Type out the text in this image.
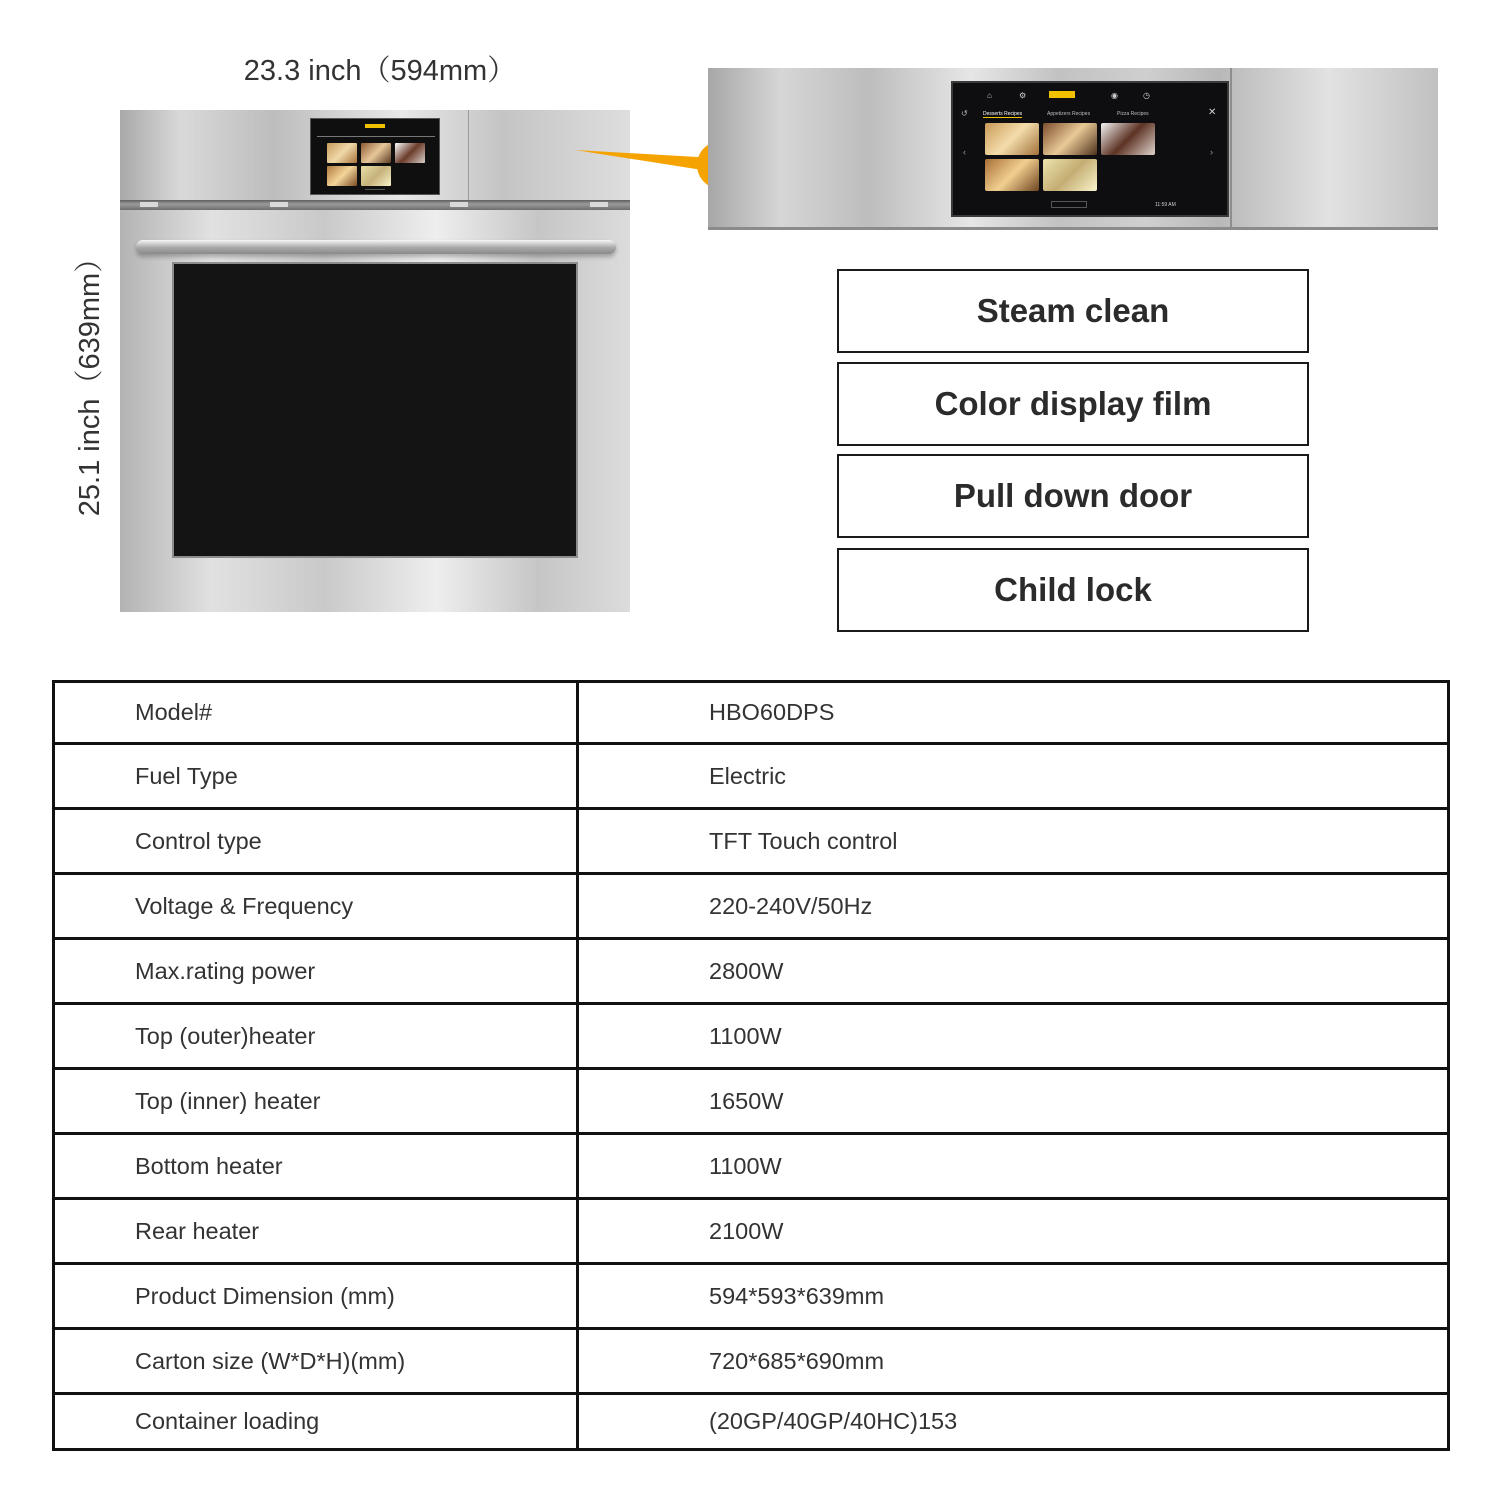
23.3 inch（594mm）
25.1 inch（639mm）
⌂	⚙	◉	◷
↺	Desserts Recipes	Appetizers Recipes	Pizza Recipes	✕
‹	›
11:59 AM
Steam clean
Color display film
Pull down door
Child lock
Model#	HBO60DPS
Fuel Type	Electric
Control type	TFT Touch control
Voltage & Frequency	220-240V/50Hz
Max.rating power	2800W
Top (outer)heater	1100W
Top (inner) heater	1650W
Bottom heater	1100W
Rear heater	2100W
Product Dimension (mm)	594*593*639mm
Carton size (W*D*H)(mm)	720*685*690mm
Container loading	(20GP/40GP/40HC)153
